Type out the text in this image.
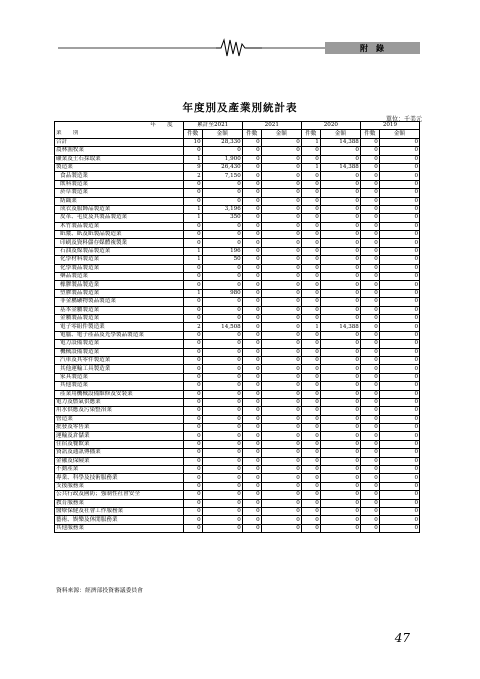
附　錄
年度別及產業別統計表
單位：千美元
年　　度	累計至2021		2021		2020		2019	
業　　別	件數	金額	件數	金額	件數	金額	件數	金額
合計	10	28,330	0	0	1	14,388	0	0
農林漁牧業	0	0	0	0	0	0	0	0
礦業及土石採取業	1	1,900	0	0	0	0	0	0
製造業	9	26,430	0	0	1	14,388	0	0
食品製造業	2	7,150	0	0	0	0	0	0
飲料製造業	0	0	0	0	0	0	0	0
菸草製造業	0	0	0	0	0	0	0	0
紡織業	0	0	0	0	0	0	0	0
成衣及服飾品製造業	1	3,196	0	0	0	0	0	0
皮革、毛皮及其製品製造業	1	350	0	0	0	0	0	0
木竹製品製造業	0	0	0	0	0	0	0	0
紙漿、紙及紙製品製造業	0	0	0	0	0	0	0	0
印刷及資料儲存媒體複製業	0	0	0	0	0	0	0	0
石油及煤製品製造業	1	196	0	0	0	0	0	0
化學材料製造業	1	50	0	0	0	0	0	0
化學製品製造業	0	0	0	0	0	0	0	0
藥品製造業	0	0	0	0	0	0	0	0
橡膠製品製造業	0	0	0	0	0	0	0	0
塑膠製品製造業	1	980	0	0	0	0	0	0
非金屬礦物製品製造業	0	0	0	0	0	0	0	0
基本金屬製造業	0	0	0	0	0	0	0	0
金屬製品製造業	0	0	0	0	0	0	0	0
電子零組件製造業	2	14,508	0	0	1	14,388	0	0
電腦、電子產品及光學製品製造業	0	0	0	0	0	0	0	0
電力設備製造業	0	0	0	0	0	0	0	0
機械設備製造業	0	0	0	0	0	0	0	0
汽車及其零件製造業	0	0	0	0	0	0	0	0
其他運輸工具製造業	0	0	0	0	0	0	0	0
家具製造業	0	0	0	0	0	0	0	0
其他製造業	0	0	0	0	0	0	0	0
產業用機械設備維修及安裝業	0	0	0	0	0	0	0	0
電力及燃氣供應業	0	0	0	0	0	0	0	0
用水供應及污染整治業	0	0	0	0	0	0	0	0
營造業	0	0	0	0	0	0	0	0
批發及零售業	0	0	0	0	0	0	0	0
運輸及倉儲業	0	0	0	0	0	0	0	0
住宿及餐飲業	0	0	0	0	0	0	0	0
資訊及通訊傳播業	0	0	0	0	0	0	0	0
金融及保險業	0	0	0	0	0	0	0	0
不動產業	0	0	0	0	0	0	0	0
專業、科學及技術服務業	0	0	0	0	0	0	0	0
支援服務業	0	0	0	0	0	0	0	0
公共行政及國防；強制性社會安全	0	0	0	0	0	0	0	0
教育服務業	0	0	0	0	0	0	0	0
醫療保健及社會工作服務業	0	0	0	0	0	0	0	0
藝術、娛樂及休閒服務業	0	0	0	0	0	0	0	0
其他服務業	0	0	0	0	0	0	0	0
資料來源：經濟部投資審議委員會
47
